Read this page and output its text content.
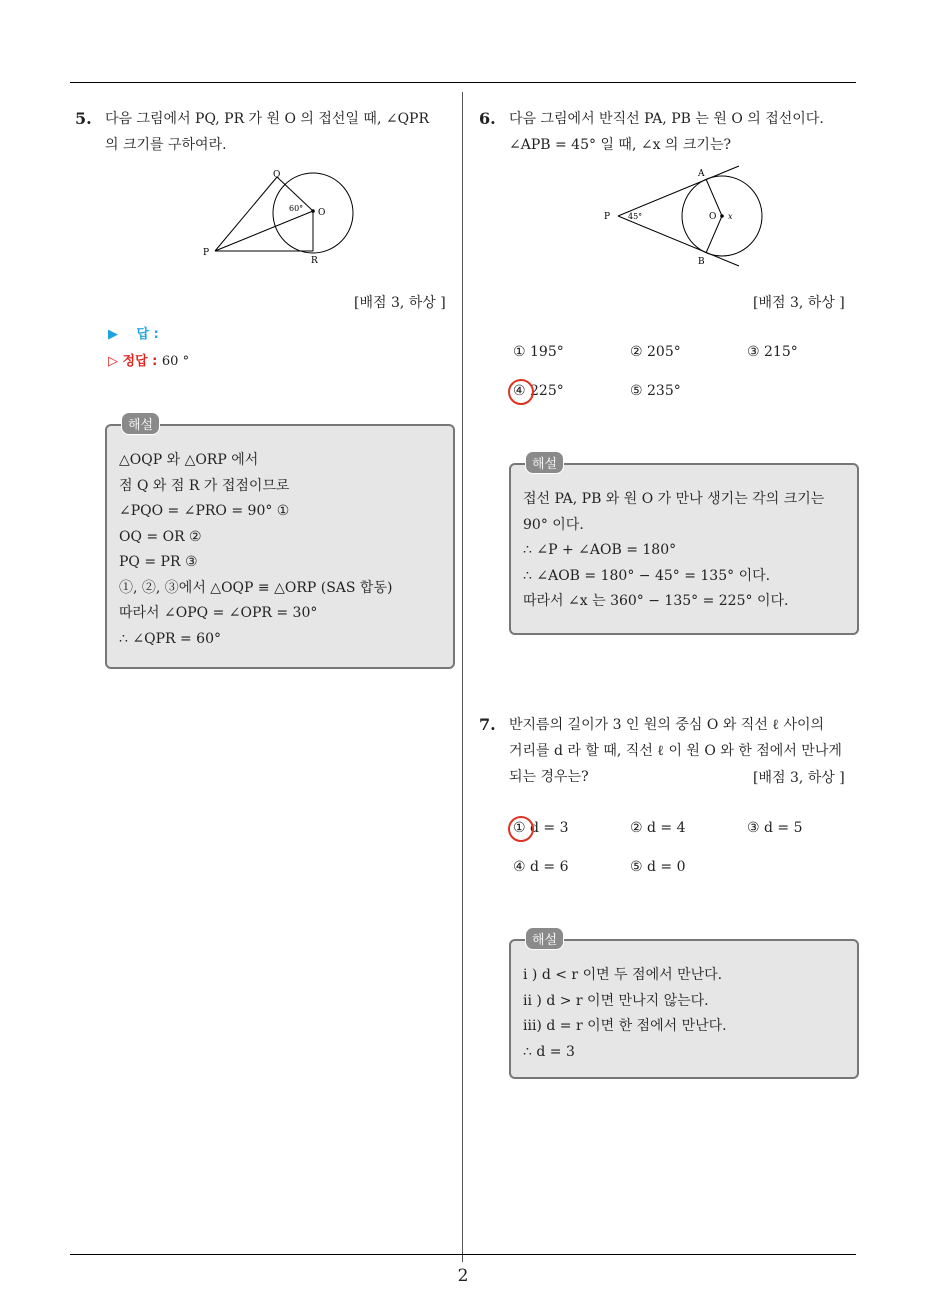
2
5. 다음 그림에서 PQ, PR 가 원 O 의 접선일 때, ∠QPR
의 크기를 구하여라.
Q
O
P
R
60°
[배점 3, 하상 ]
▶ 답 :
▷ 정답 : 60 °
해설
△OQP 와 △ORP 에서
점 Q 와 점 R 가 접점이므로
∠PQO = ∠PRO = 90° ①
OQ = OR ②
PQ = PR ③
①, ②, ③에서 △OQP ≡ △ORP (SAS 합동)
따라서 ∠OPQ = ∠OPR = 30°
∴ ∠QPR = 60°
6. 다음 그림에서 반직선 PA, PB 는 원 O 의 접선이다.
∠APB = 45° 일 때, ∠x 의 크기는?
A
B
P	O x
45°
[배점 3, 하상 ]
① 195°	② 205°	③ 215°
④ 225°	⑤ 235°
해설
접선 PA, PB 와 원 O 가 만나 생기는 각의 크기는
90° 이다.
∴ ∠P + ∠AOB = 180°
∴ ∠AOB = 180° − 45° = 135° 이다.
따라서 ∠x 는 360° − 135° = 225° 이다.
7. 반지름의 길이가 3 인 원의 중심 O 와 직선 ℓ 사이의
거리를 d 라 할 때, 직선 ℓ 이 원 O 와 한 점에서 만나게
되는 경우는?	[배점 3, 하상 ]
① d = 3	② d = 4	③ d = 5
④ d = 6	⑤ d = 0
해설
i ) d < r 이면 두 점에서 만난다.
ii ) d > r 이면 만나지 않는다.
iii) d = r 이면 한 점에서 만난다.
∴ d = 3
